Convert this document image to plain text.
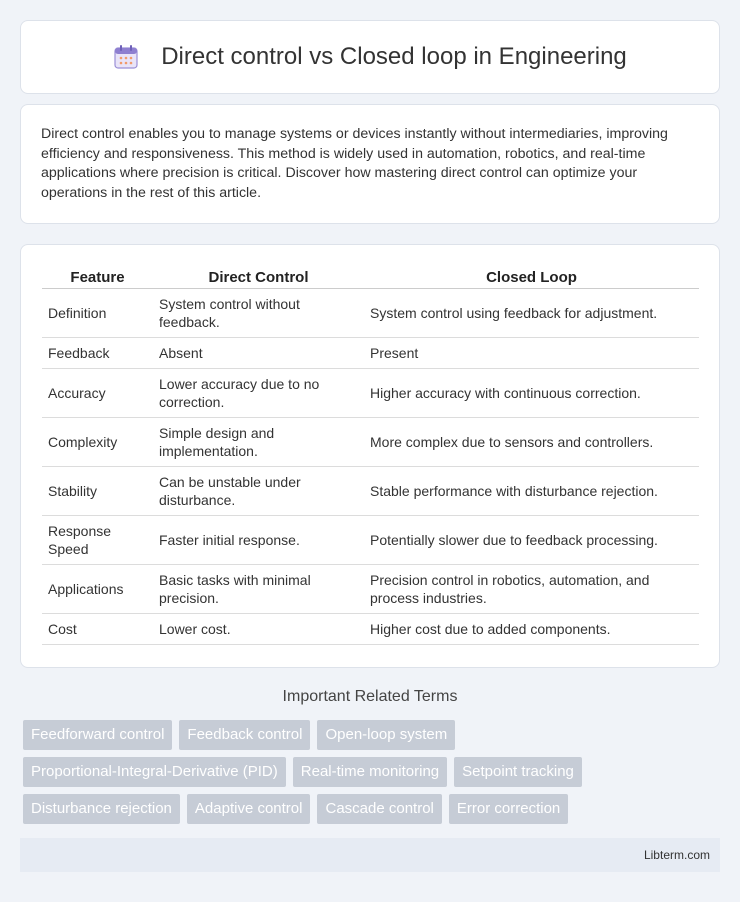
Direct control vs Closed loop in Engineering

Direct control enables you to manage systems or devices instantly without intermediaries, improving efficiency and responsiveness. This method is widely used in automation, robotics, and real-time applications where precision is critical. Discover how mastering direct control can optimize your operations in the rest of this article.

Feature	Direct Control	Closed Loop
Definition	System control without feedback.	System control using feedback for adjustment.
Feedback	Absent	Present
Accuracy	Lower accuracy due to no correction.	Higher accuracy with continuous correction.
Complexity	Simple design and implementation.	More complex due to sensors and controllers.
Stability	Can be unstable under disturbance.	Stable performance with disturbance rejection.
Response Speed	Faster initial response.	Potentially slower due to feedback processing.
Applications	Basic tasks with minimal precision.	Precision control in robotics, automation, and process industries.
Cost	Lower cost.	Higher cost due to added components.
Important Related Terms
Feedforward control	Feedback control	Open-loop system
Proportional-Integral-Derivative (PID)	Real-time monitoring	Setpoint tracking
Disturbance rejection	Adaptive control	Cascade control	Error correction
Libterm.com
